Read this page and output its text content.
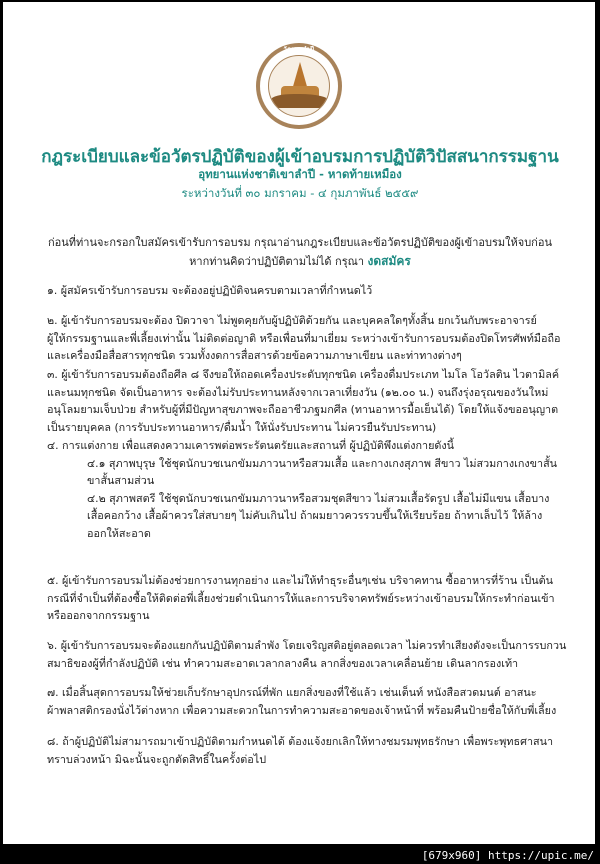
กฎระเบียบและข้อวัตรปฏิบัติของผู้เข้าอบรมการปฏิบัติวิปัสสนากรรมฐาน
อุทยานแห่งชาติเขาลำปี - หาดท้ายเหมือง
ระหว่างวันที่ ๓๐ มกราคม - ๔ กุมภาพันธ์ ๒๕๕๙
ก่อนที่ท่านจะกรอกใบสมัครเข้ารับการอบรม กรุณาอ่านกฎระเบียบและข้อวัตรปฏิบัติของผู้เข้าอบรมให้จบก่อน
หากท่านคิดว่าปฏิบัติตามไม่ได้ กรุณา งดสมัคร
๑. ผู้สมัครเข้ารับการอบรม จะต้องอยู่ปฏิบัติจนครบตามเวลาที่กำหนดไว้
๒. ผู้เข้ารับการอบรมจะต้อง ปิดวาจา ไม่พูดคุยกับผู้ปฏิบัติด้วยกัน และบุคคลใดๆทั้งสิ้น ยกเว้นกับพระอาจารย์
ผู้ให้กรรมฐานและพี่เลี้ยงเท่านั้น ไม่ติดต่อญาติ หรือเพื่อนที่มาเยี่ยม ระหว่างเข้ารับการอบรมต้องปิดโทรศัพท์มือถือ
และเครื่องมือสื่อสารทุกชนิด รวมทั้งงดการสื่อสารด้วยข้อความภาษาเขียน และท่าทางต่างๆ
๓. ผู้เข้ารับการอบรมต้องถือศีล ๘ จึงขอให้ถอดเครื่องประดับทุกชนิด เครื่องดื่มประเภท ไมโล โอวัลติน ไวตามิลค์
และนมทุกชนิด จัดเป็นอาหาร จะต้องไม่รับประทานหลังจากเวลาเที่ยงวัน (๑๒.๐๐ น.) จนถึงรุ่งอรุณของวันใหม่
อนุโลมยามเจ็บป่วย สำหรับผู้ที่มีปัญหาสุขภาพจะถืออาชีวภฐมกศีล (ทานอาหารมื้อเย็นได้) โดยให้แจ้งขออนุญาต
เป็นรายบุคคล (การรับประทานอาหาร/ดื่มน้ำ ให้นั่งรับประทาน ไม่ควรยืนรับประทาน)
๔. การแต่งกาย เพื่อแสดงความเคารพต่อพระรัตนตรัยและสถานที่ ผู้ปฏิบัติพึงแต่งกายดังนี้
๔.๑ สุภาพบุรุษ ใช้ชุดนักบวชเนกขัมมภาวนาหรือสวมเสื้อ และกางเกงสุภาพ สีขาว ไม่สวมกางเกงขาสั้น
ขาสั้นสามส่วน
๔.๒ สุภาพสตรี ใช้ชุดนักบวชเนกขัมมภาวนาหรือสวมชุดสีขาว ไม่สวมเสื้อรัดรูป เสื้อไม่มีแขน เสื้อบาง
เสื้อคอกว้าง เสื้อผ้าควรใส่สบายๆ ไม่คับเกินไป ถ้าผมยาวควรรวบขึ้นให้เรียบร้อย ถ้าทาเล็บไว้ ให้ล้าง
ออกให้สะอาด
๕. ผู้เข้ารับการอบรมไม่ต้องช่วยการงานทุกอย่าง และไม่ให้ทำธุระอื่นๆเช่น บริจาคทาน ซื้ออาหารที่ร้าน เป็นต้น
กรณีที่จำเป็นที่ต้องซื้อให้ติดต่อพี่เลี้ยงช่วยดำเนินการให้และการบริจาคทรัพย์ระหว่างเข้าอบรมให้กระทำก่อนเข้า
หรือออกจากกรรมฐาน
๖. ผู้เข้ารับการอบรมจะต้องแยกกันปฏิบัติตามลำพัง โดยเจริญสติอยู่ตลอดเวลา ไม่ควรทำเสียงดังจะเป็นการรบกวน
สมาธิของผู้ที่กำลังปฏิบัติ เช่น ทำความสะอาดเวลากลางคืน ลากสิ่งของเวลาเคลื่อนย้าย เดินลากรองเท้า
๗. เมื่อสิ้นสุดการอบรมให้ช่วยเก็บรักษาอุปกรณ์ที่พัก แยกสิ่งของที่ใช้แล้ว เช่นเต็นท์ หนังสือสวดมนต์ อาสนะ
ผ้าพลาสติกรองนั่งไว้ต่างหาก เพื่อความสะดวกในการทำความสะอาดของเจ้าหน้าที่ พร้อมคืนป้ายชื่อให้กับพี่เลี้ยง
๘. ถ้าผู้ปฏิบัติไม่สามารถมาเข้าปฏิบัติตามกำหนดได้ ต้องแจ้งยกเลิกให้ทางชมรมพุทธรักษา เพื่อพระพุทธศาสนา
ทราบล่วงหน้า มิฉะนั้นจะถูกตัดสิทธิ์ในครั้งต่อไป
[679x960] https://upic.me/
